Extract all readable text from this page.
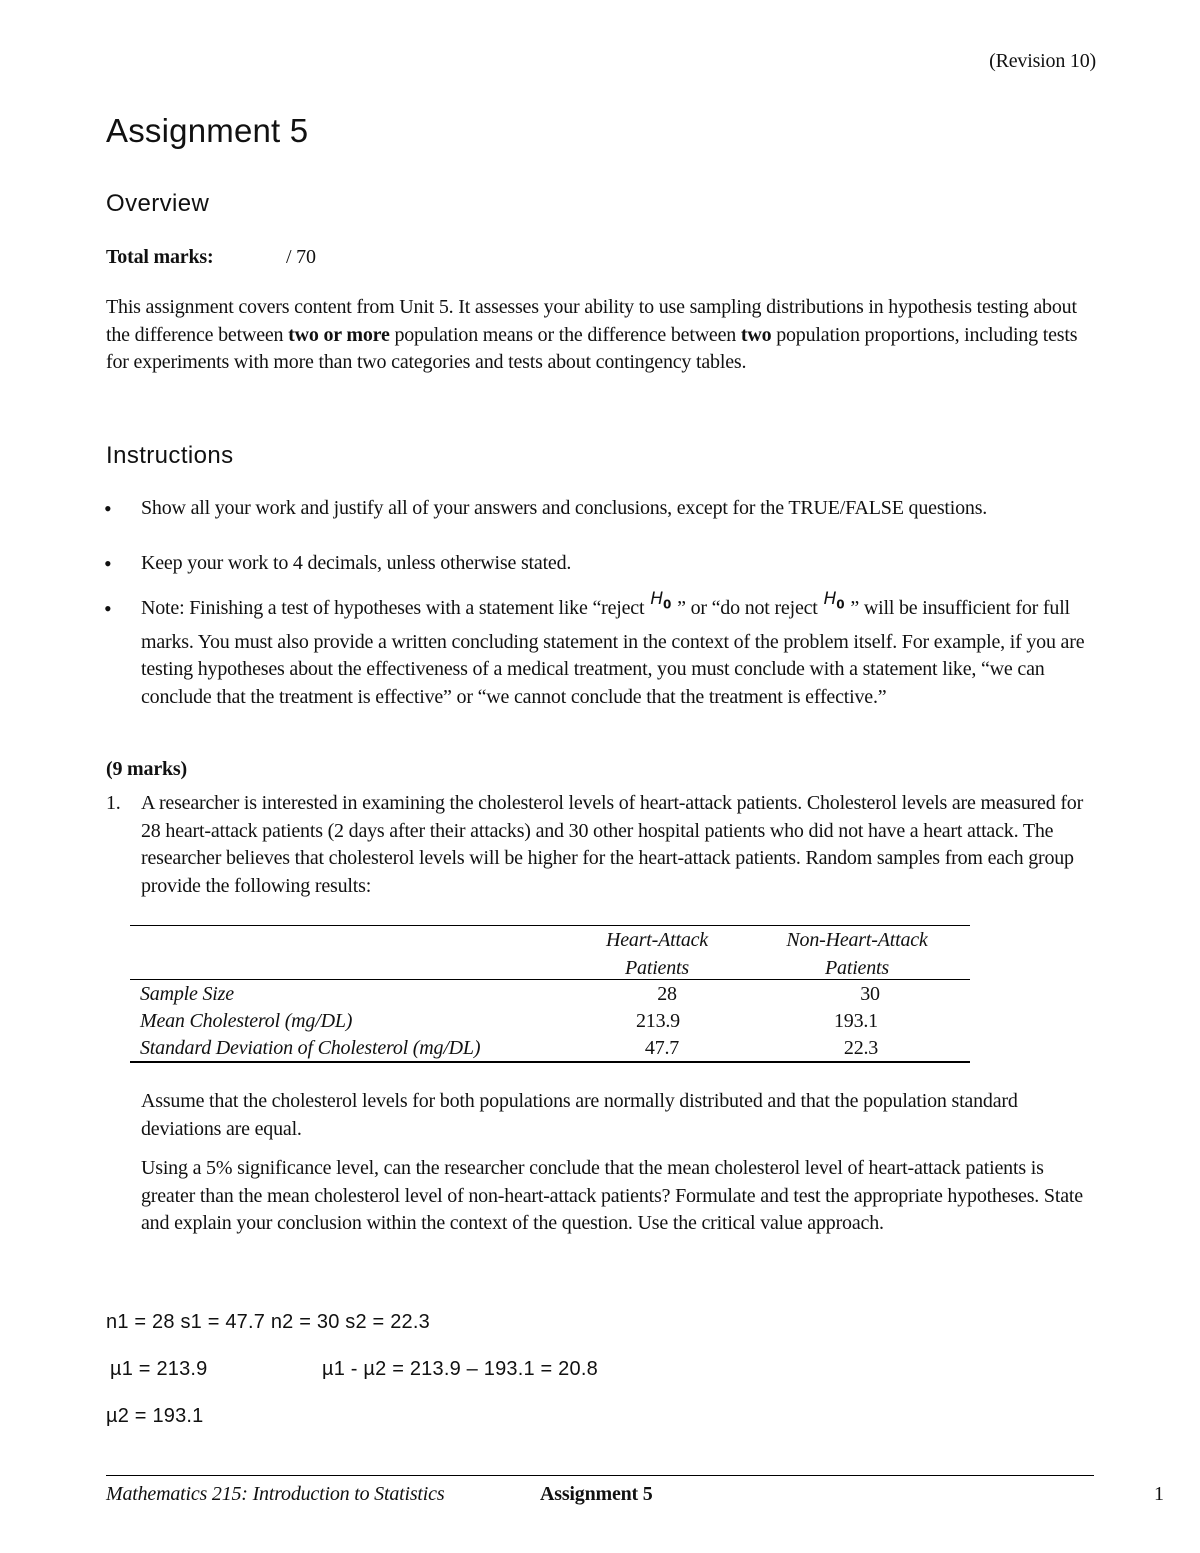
(Revision 10)
Assignment 5
Overview
Total marks:	/ 70

This assignment covers content from Unit 5. It assesses your ability to use sampling distributions in hypothesis testing about the difference between two or more population means or the difference between two population proportions, including tests for experiments with more than two categories and tests about contingency tables.

Instructions
• Show all your work and justify all of your answers and conclusions, except for the TRUE/FALSE questions.
• Keep your work to 4 decimals, unless otherwise stated.
• Note: Finishing a test of hypotheses with a statement like “reject $H_0$ ” or “do not reject $H_0$ ” will be insufficient for full marks. You must also provide a written concluding statement in the context of the problem itself. For example, if you are testing hypotheses about the effectiveness of a medical treatment, you must conclude with a statement like, “we can conclude that the treatment is effective” or “we cannot conclude that the treatment is effective.”
(9 marks)
1. A researcher is interested in examining the cholesterol levels of heart-attack patients. Cholesterol levels are measured for 28 heart-attack patients (2 days after their attacks) and 30 other hospital patients who did not have a heart attack. The researcher believes that cholesterol levels will be higher for the heart-attack patients. Random samples from each group provide the following results:

Heart-Attack
Patients
Non-Heart-Attack
Patients
Sample Size	28	30
Mean Cholesterol (mg/DL)	213.9	193.1
Standard Deviation of Cholesterol (mg/DL)	47.7	22.3

Assume that the cholesterol levels for both populations are normally distributed and that the population standard deviations are equal.

Using a 5% significance level, can the researcher conclude that the mean cholesterol level of heart-attack patients is greater than the mean cholesterol level of non-heart-attack patients? Formulate and test the appropriate hypotheses. State and explain your conclusion within the context of the question. Use the critical value approach.

n1 = 28 s1 = 47.7 n2 = 30 s2 = 22.3
µ1 = 213.9	µ1 - µ2 = 213.9 – 193.1 = 20.8
µ2 = 193.1
Mathematics 215: Introduction to Statistics	Assignment 5	1
